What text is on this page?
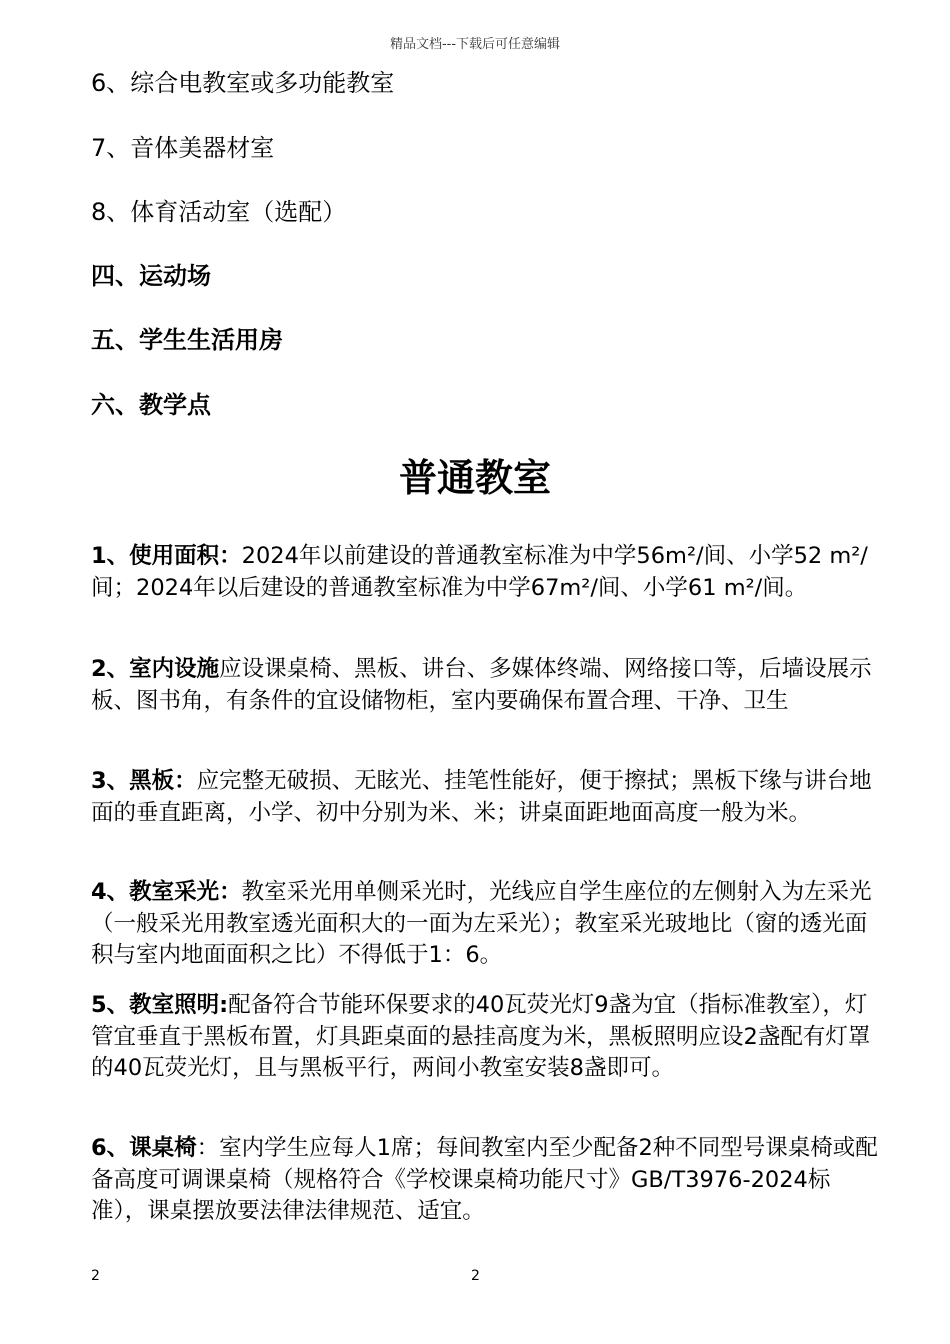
精品文档---下载后可任意编辑
6、综合电教室或多功能教室
7、音体美器材室
8、体育活动室（选配）
四、运动场
五、学生生活用房
六、教学点
普通教室
1、使用面积：2024年以前建设的普通教室标准为中学56m²/间、小学52 m²/间；2024年以后建设的普通教室标准为中学67m²/间、小学61 m²/间。
2、室内设施应设课桌椅、黑板、讲台、多媒体终端、网络接口等，后墙设展示板、图书角，有条件的宜设储物柜，室内要确保布置合理、干净、卫生
3、黑板：应完整无破损、无眩光、挂笔性能好，便于擦拭；黑板下缘与讲台地面的垂直距离，小学、初中分别为米、米；讲桌面距地面高度一般为米。
4、教室采光：教室采光用单侧采光时，光线应自学生座位的左侧射入为左采光（一般采光用教室透光面积大的一面为左采光）；教室采光玻地比（窗的透光面积与室内地面面积之比）不得低于1：6。
5、教室照明:配备符合节能环保要求的40瓦荧光灯9盏为宜（指标准教室），灯管宜垂直于黑板布置，灯具距桌面的悬挂高度为米，黑板照明应设2盏配有灯罩的40瓦荧光灯，且与黑板平行，两间小教室安装8盏即可。
6、课桌椅：室内学生应每人1席；每间教室内至少配备2种不同型号课桌椅或配备高度可调课桌椅（规格符合《学校课桌椅功能尺寸》GB/T3976-2024标准），课桌摆放要法律法律规范、适宜。
2	2
